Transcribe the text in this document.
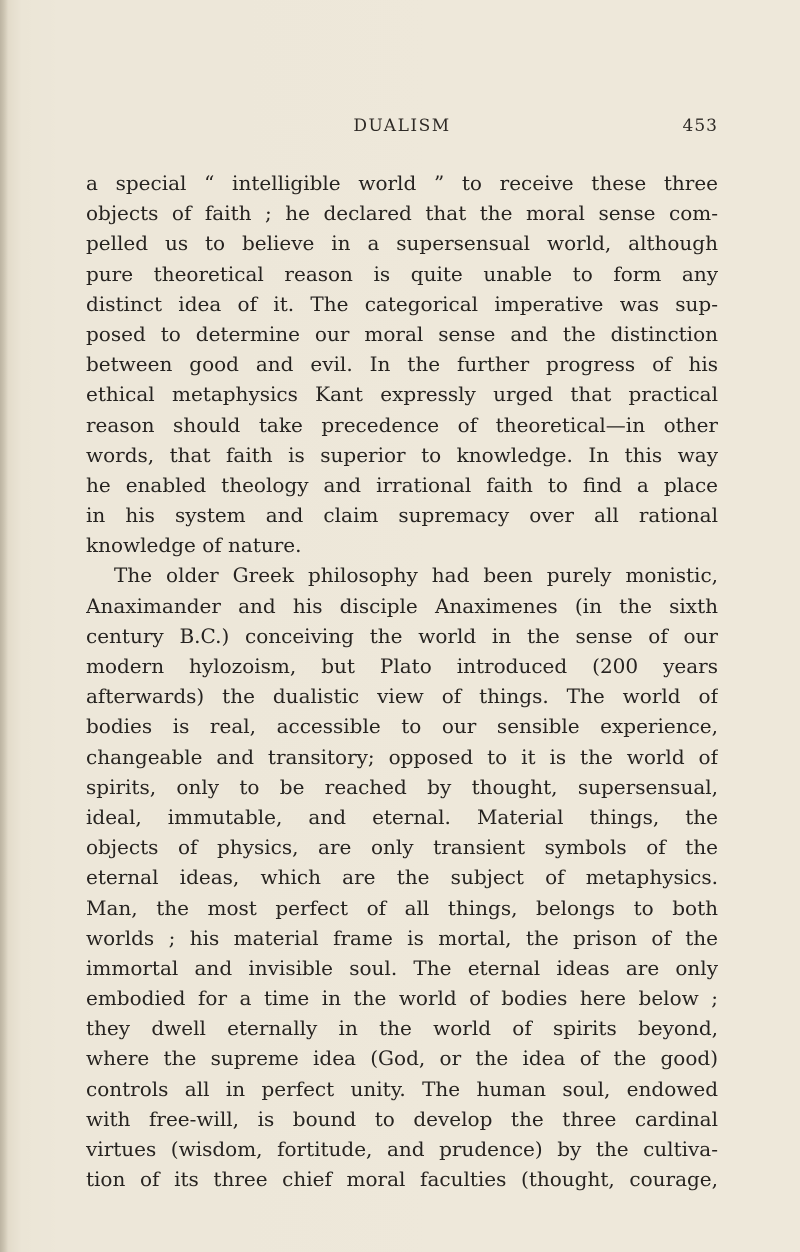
DUALISM	453
a special “ intelligible world ” to receive these three
objects of faith ; he declared that the moral sense com-
pelled us to believe in a supersensual world, although
pure theoretical reason is quite unable to form any
distinct idea of it. The categorical imperative was sup-
posed to determine our moral sense and the distinction
between good and evil. In the further progress of his
ethical metaphysics Kant expressly urged that practical
reason should take precedence of theoretical—in other
words, that faith is superior to knowledge. In this way
he enabled theology and irrational faith to find a place
in his system and claim supremacy over all rational
knowledge of nature.
The older Greek philosophy had been purely monistic,
Anaximander and his disciple Anaximenes (in the sixth
century B.C.) conceiving the world in the sense of our
modern hylozoism, but Plato introduced (200 years
afterwards) the dualistic view of things. The world of
bodies is real, accessible to our sensible experience,
changeable and transitory; opposed to it is the world of
spirits, only to be reached by thought, supersensual,
ideal, immutable, and eternal. Material things, the
objects of physics, are only transient symbols of the
eternal ideas, which are the subject of metaphysics.
Man, the most perfect of all things, belongs to both
worlds ; his material frame is mortal, the prison of the
immortal and invisible soul. The eternal ideas are only
embodied for a time in the world of bodies here below ;
they dwell eternally in the world of spirits beyond,
where the supreme idea (God, or the idea of the good)
controls all in perfect unity. The human soul, endowed
with free-will, is bound to develop the three cardinal
virtues (wisdom, fortitude, and prudence) by the cultiva-
tion of its three chief moral faculties (thought, courage,
